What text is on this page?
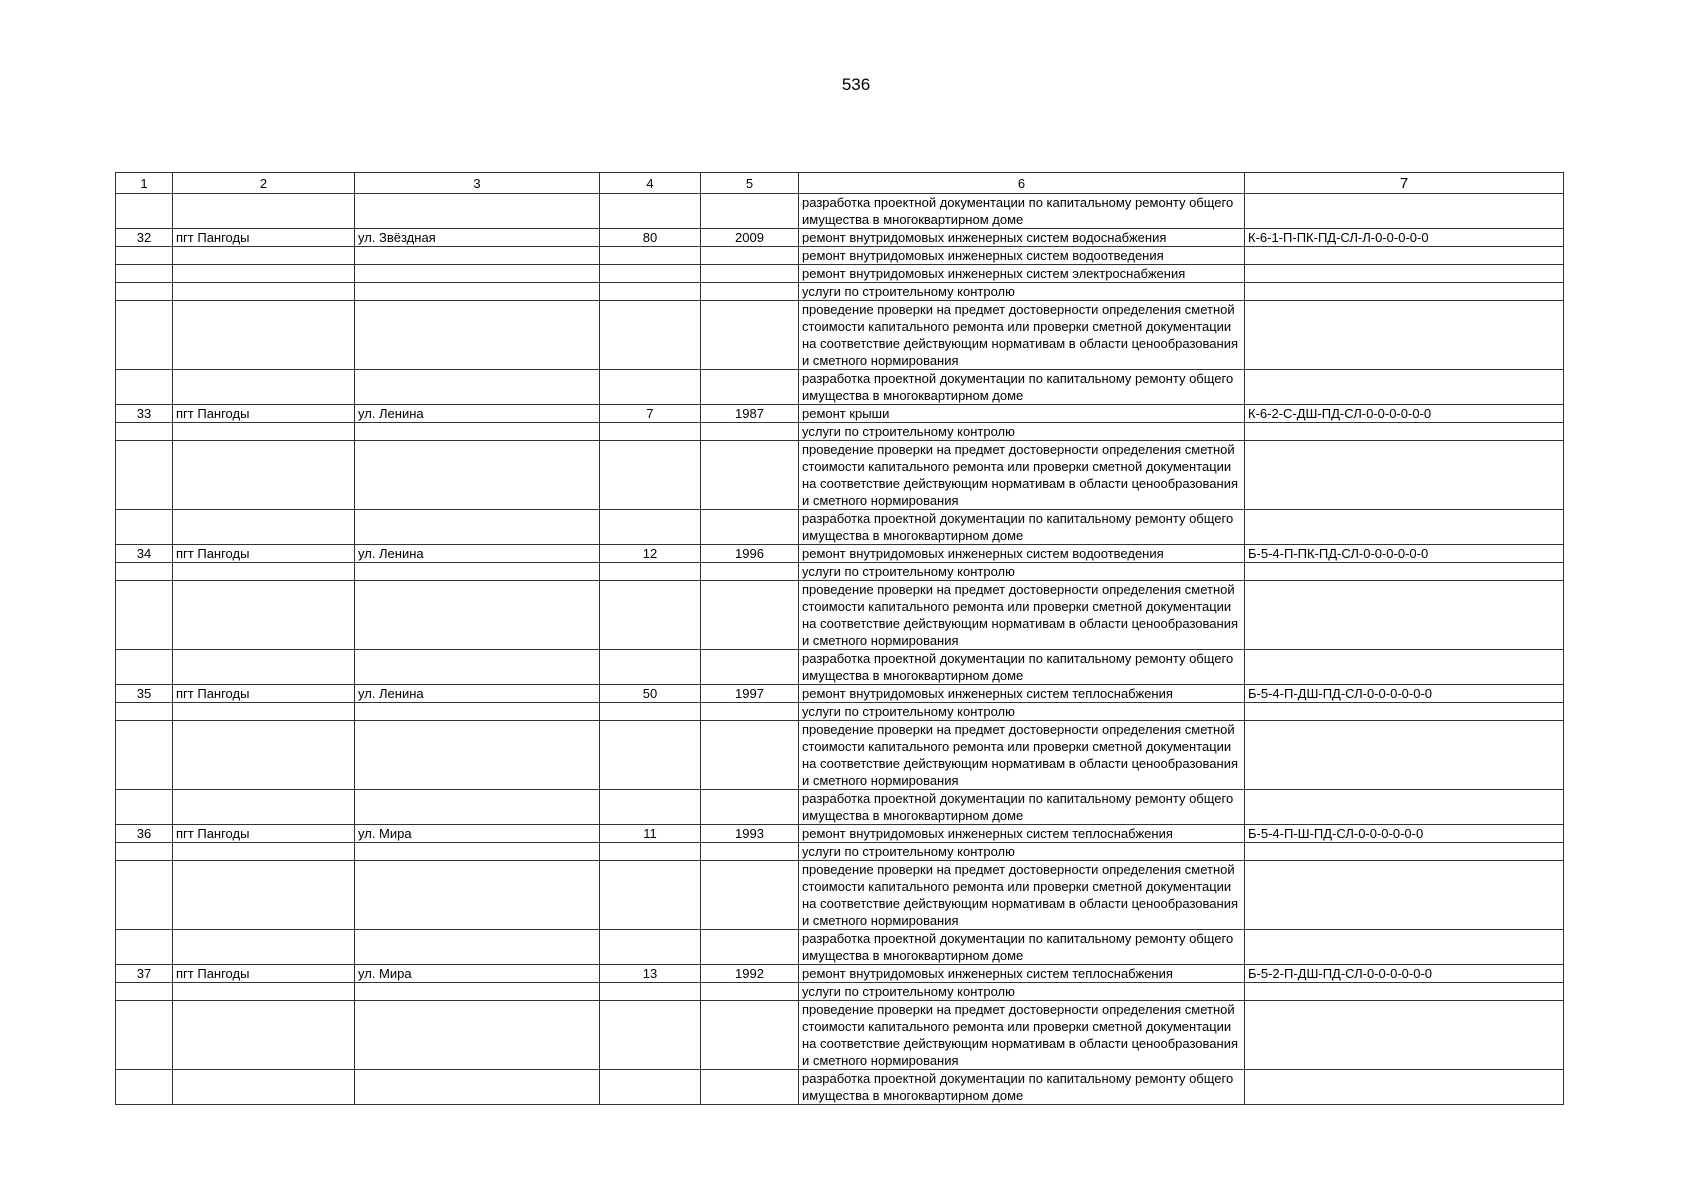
536
1	2	3	4	5	6	7
					разработка проектной документации по капитальному ремонту общего имущества в многоквартирном доме	
32	пгт Пангоды	ул. Звёздная	80	2009	ремонт внутридомовых инженерных систем водоснабжения	К-6-1-П-ПК-ПД-СЛ-Л-0-0-0-0-0
					ремонт внутридомовых инженерных систем водоотведения	
					ремонт внутридомовых инженерных систем электроснабжения	
					услуги по строительному контролю	
					проведение проверки на предмет достоверности определения сметной стоимости капитального ремонта или проверки сметной документации на соответствие действующим нормативам в области ценообразования и сметного нормирования	
					разработка проектной документации по капитальному ремонту общего имущества в многоквартирном доме	
33	пгт Пангоды	ул. Ленина	7	1987	ремонт крыши	К-6-2-С-ДШ-ПД-СЛ-0-0-0-0-0-0
					услуги по строительному контролю	
					проведение проверки на предмет достоверности определения сметной стоимости капитального ремонта или проверки сметной документации на соответствие действующим нормативам в области ценообразования и сметного нормирования	
					разработка проектной документации по капитальному ремонту общего имущества в многоквартирном доме	
34	пгт Пангоды	ул. Ленина	12	1996	ремонт внутридомовых инженерных систем водоотведения	Б-5-4-П-ПК-ПД-СЛ-0-0-0-0-0-0
					услуги по строительному контролю	
					проведение проверки на предмет достоверности определения сметной стоимости капитального ремонта или проверки сметной документации на соответствие действующим нормативам в области ценообразования и сметного нормирования	
					разработка проектной документации по капитальному ремонту общего имущества в многоквартирном доме	
35	пгт Пангоды	ул. Ленина	50	1997	ремонт внутридомовых инженерных систем теплоснабжения	Б-5-4-П-ДШ-ПД-СЛ-0-0-0-0-0-0
					услуги по строительному контролю	
					проведение проверки на предмет достоверности определения сметной стоимости капитального ремонта или проверки сметной документации на соответствие действующим нормативам в области ценообразования и сметного нормирования	
					разработка проектной документации по капитальному ремонту общего имущества в многоквартирном доме	
36	пгт Пангоды	ул. Мира	11	1993	ремонт внутридомовых инженерных систем теплоснабжения	Б-5-4-П-Ш-ПД-СЛ-0-0-0-0-0-0
					услуги по строительному контролю	
					проведение проверки на предмет достоверности определения сметной стоимости капитального ремонта или проверки сметной документации на соответствие действующим нормативам в области ценообразования и сметного нормирования	
					разработка проектной документации по капитальному ремонту общего имущества в многоквартирном доме	
37	пгт Пангоды	ул. Мира	13	1992	ремонт внутридомовых инженерных систем теплоснабжения	Б-5-2-П-ДШ-ПД-СЛ-0-0-0-0-0-0
					услуги по строительному контролю	
					проведение проверки на предмет достоверности определения сметной стоимости капитального ремонта или проверки сметной документации на соответствие действующим нормативам в области ценообразования и сметного нормирования	
					разработка проектной документации по капитальному ремонту общего имущества в многоквартирном доме	
